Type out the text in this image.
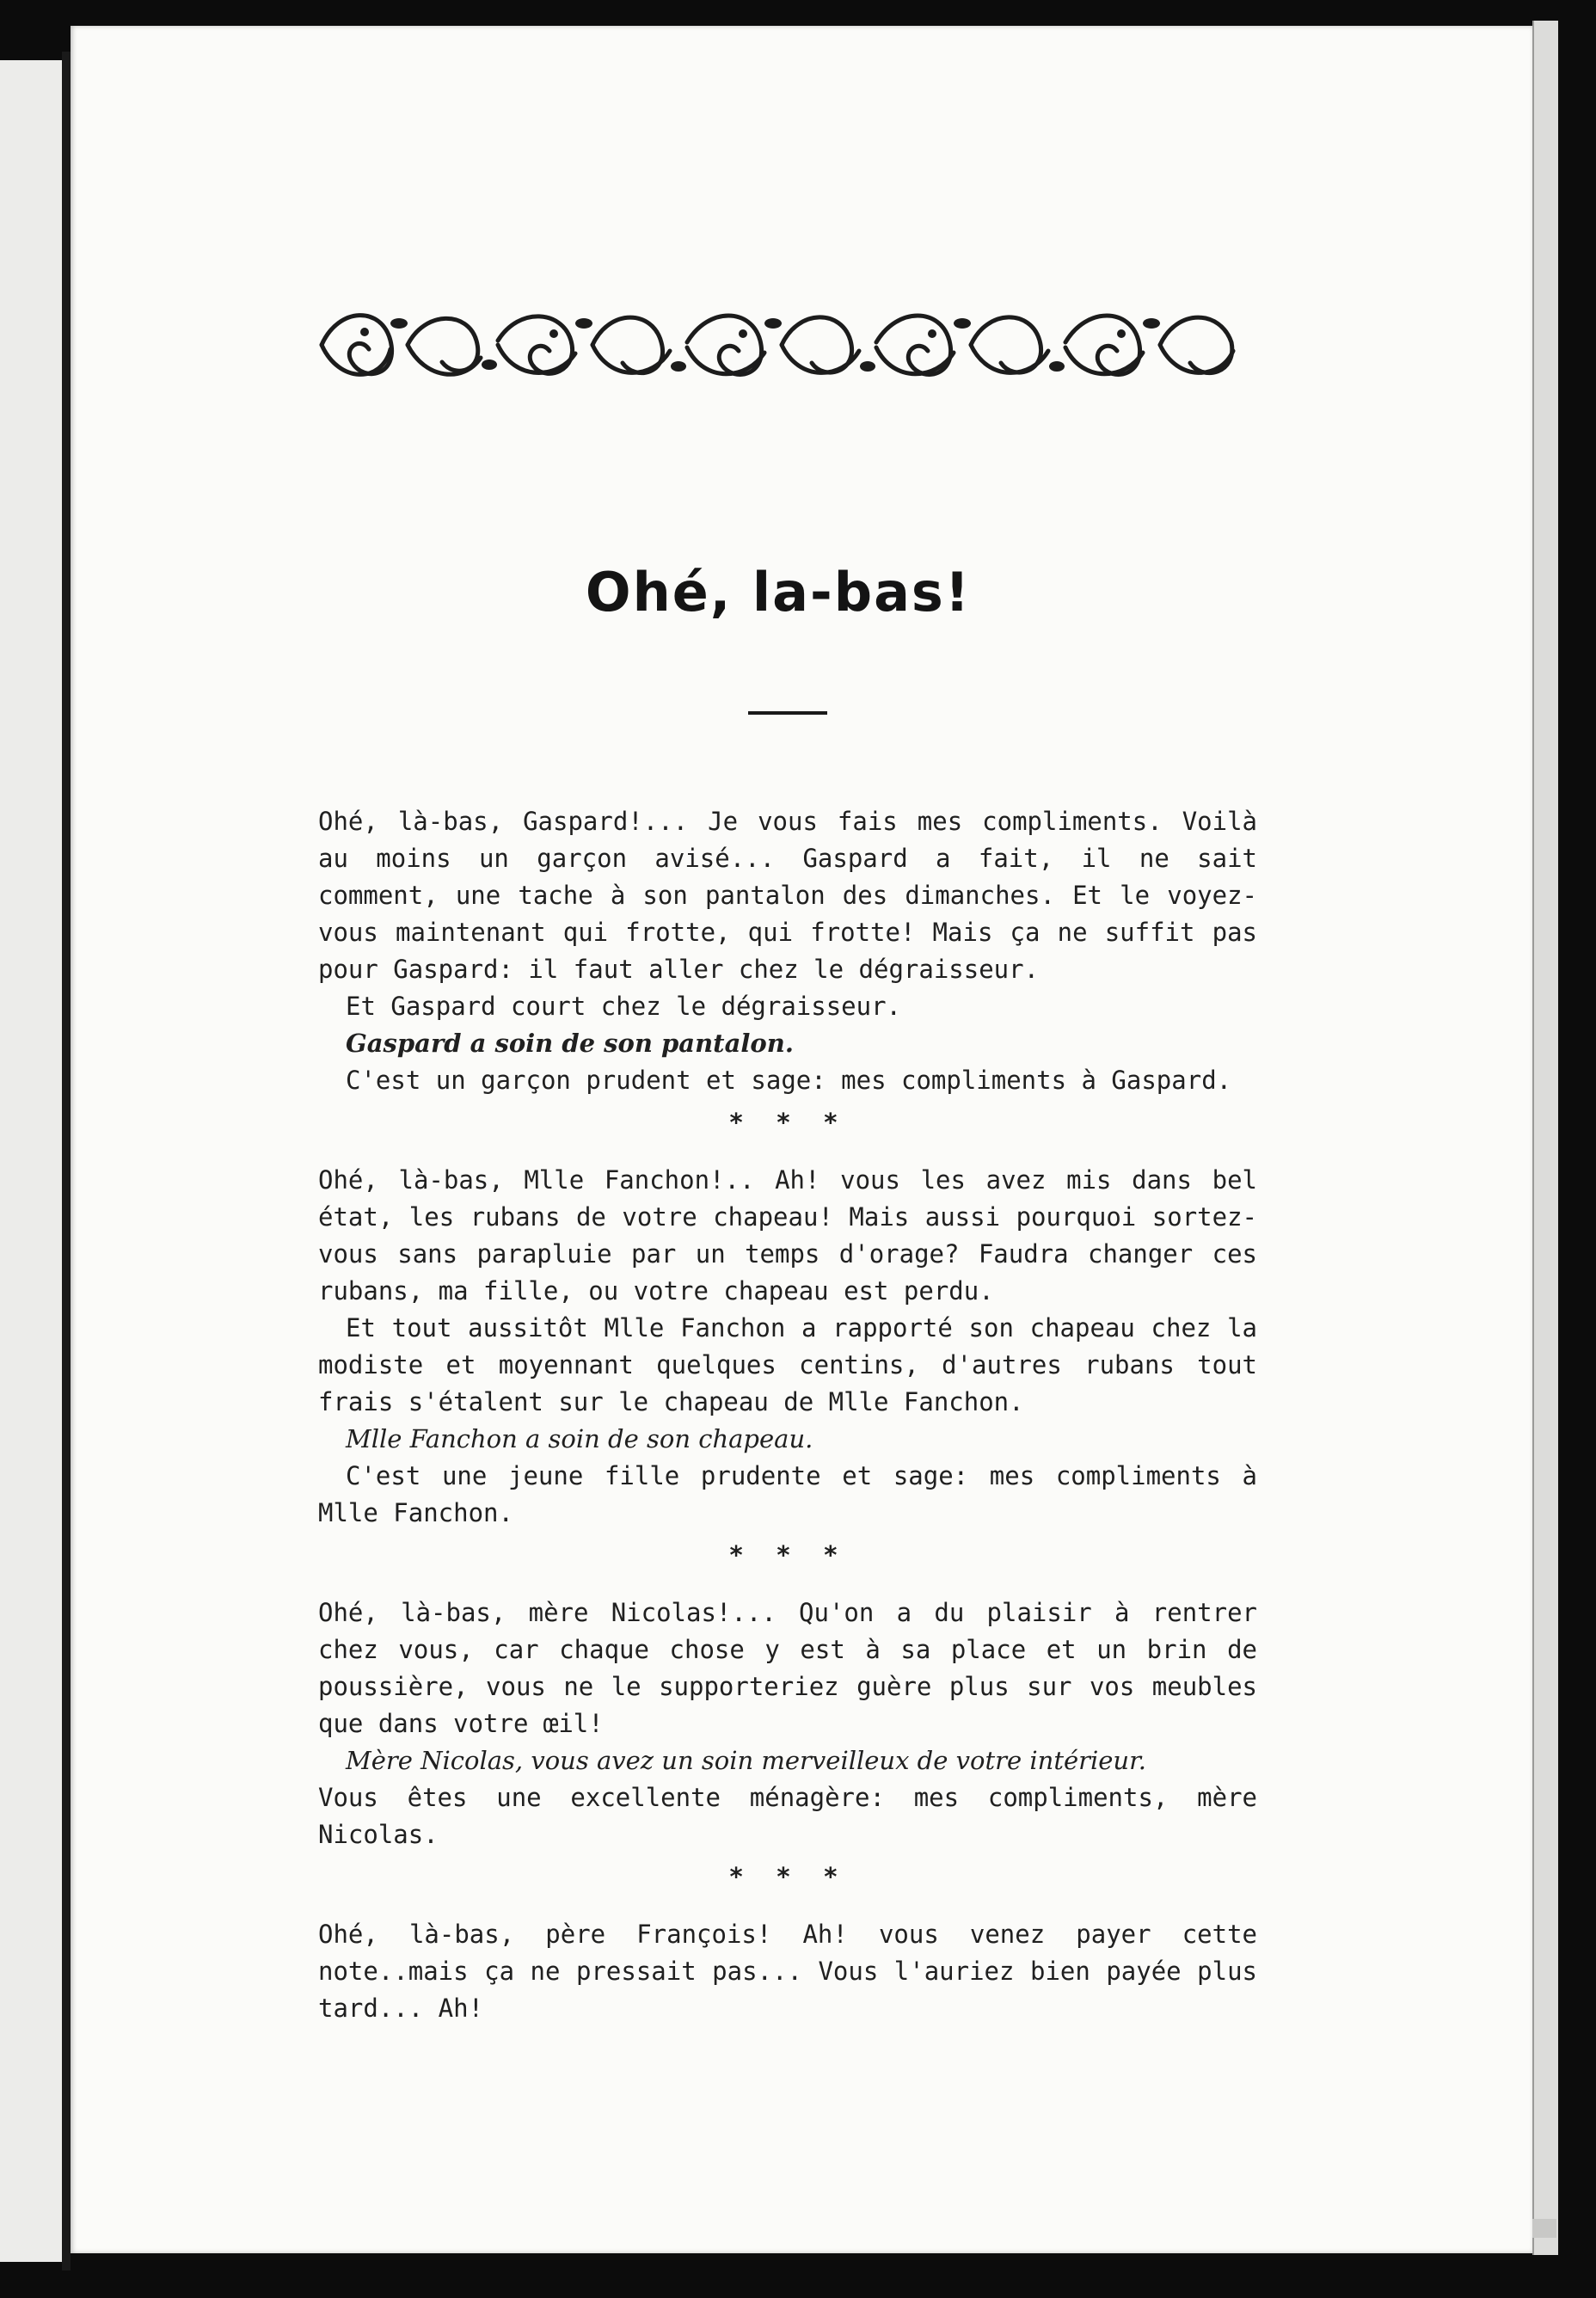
Ohé, la-bas!

Ohé, là-bas, Gaspard!... Je vous fais mes compliments. Voilà au moins un garçon avisé... Gaspard a fait, il ne sait comment, une tache à son pantalon des dimanches. Et le voyez-vous maintenant qui frotte, qui frotte! Mais ça ne suffit pas pour Gaspard: il faut aller chez le dégraisseur.

Et Gaspard court chez le dégraisseur.

Gaspard a soin de son pantalon.

C'est un garçon prudent et sage: mes compliments à Gaspard.

* * *

Ohé, là-bas, Mlle Fanchon!.. Ah! vous les avez mis dans bel état, les rubans de votre chapeau! Mais aussi pourquoi sortez-vous sans parapluie par un temps d'orage? Faudra changer ces rubans, ma fille, ou votre chapeau est perdu.

Et tout aussitôt Mlle Fanchon a rapporté son chapeau chez la modiste et moyennant quelques centins, d'autres rubans tout frais s'étalent sur le chapeau de Mlle Fanchon.

Mlle Fanchon a soin de son chapeau.

C'est une jeune fille prudente et sage: mes compliments à Mlle Fanchon.

* * *

Ohé, là-bas, mère Nicolas!... Qu'on a du plaisir à rentrer chez vous, car chaque chose y est à sa place et un brin de poussière, vous ne le supporteriez guère plus sur vos meubles que dans votre œil!

Mère Nicolas, vous avez un soin merveilleux de votre intérieur.

Vous êtes une excellente ménagère: mes compliments, mère Nicolas.

* * *

Ohé, là-bas, père François! Ah! vous venez payer cette note..mais ça ne pressait pas... Vous l'auriez bien payée plus tard... Ah!
